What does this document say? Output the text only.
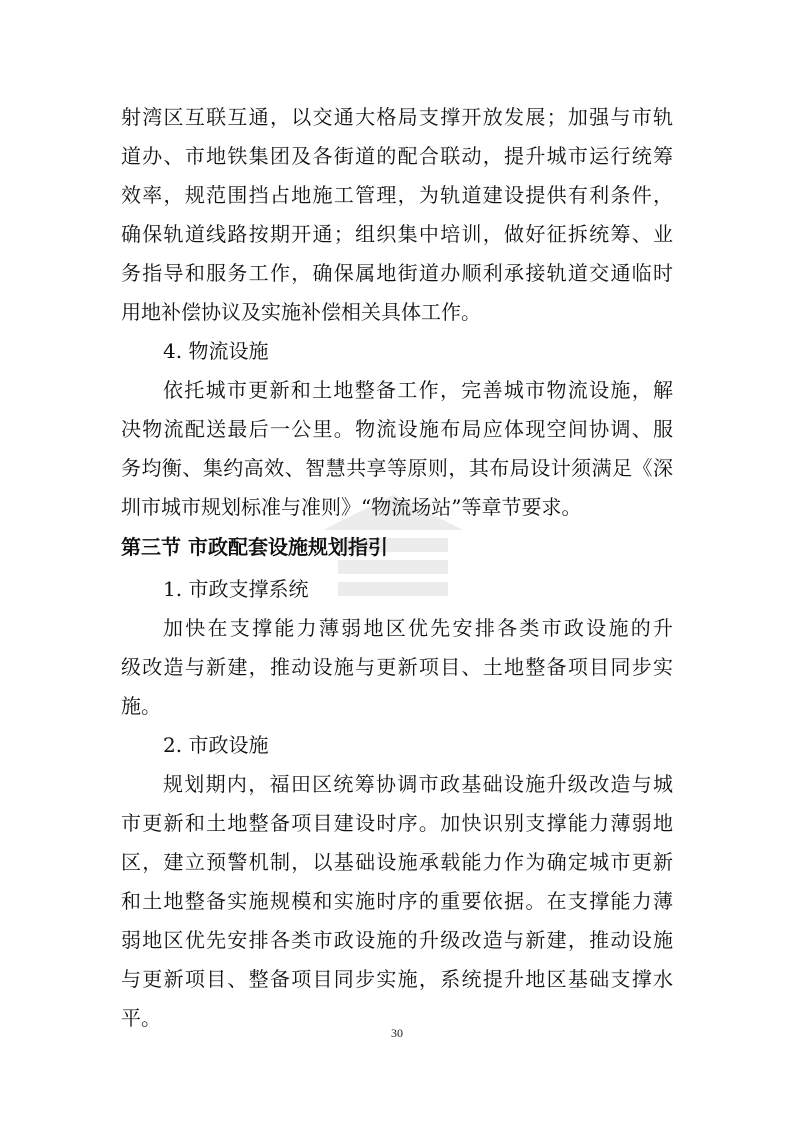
射湾区互联互通，以交通大格局支撑开放发展；加强与市轨
道办、市地铁集团及各街道的配合联动，提升城市运行统筹
效率，规范围挡占地施工管理，为轨道建设提供有利条件，
确保轨道线路按期开通；组织集中培训，做好征拆统筹、业
务指导和服务工作，确保属地街道办顺利承接轨道交通临时
用地补偿协议及实施补偿相关具体工作。
4. 物流设施
依托城市更新和土地整备工作，完善城市物流设施，解
决物流配送最后一公里。物流设施布局应体现空间协调、服
务均衡、集约高效、智慧共享等原则，其布局设计须满足《深
圳市城市规划标准与准则》“物流场站”等章节要求。
第三节 市政配套设施规划指引
1. 市政支撑系统
加快在支撑能力薄弱地区优先安排各类市政设施的升
级改造与新建，推动设施与更新项目、土地整备项目同步实
施。
2. 市政设施
规划期内，福田区统筹协调市政基础设施升级改造与城
市更新和土地整备项目建设时序。加快识别支撑能力薄弱地
区，建立预警机制，以基础设施承载能力作为确定城市更新
和土地整备实施规模和实施时序的重要依据。在支撑能力薄
弱地区优先安排各类市政设施的升级改造与新建，推动设施
与更新项目、整备项目同步实施，系统提升地区基础支撑水
平。
30
